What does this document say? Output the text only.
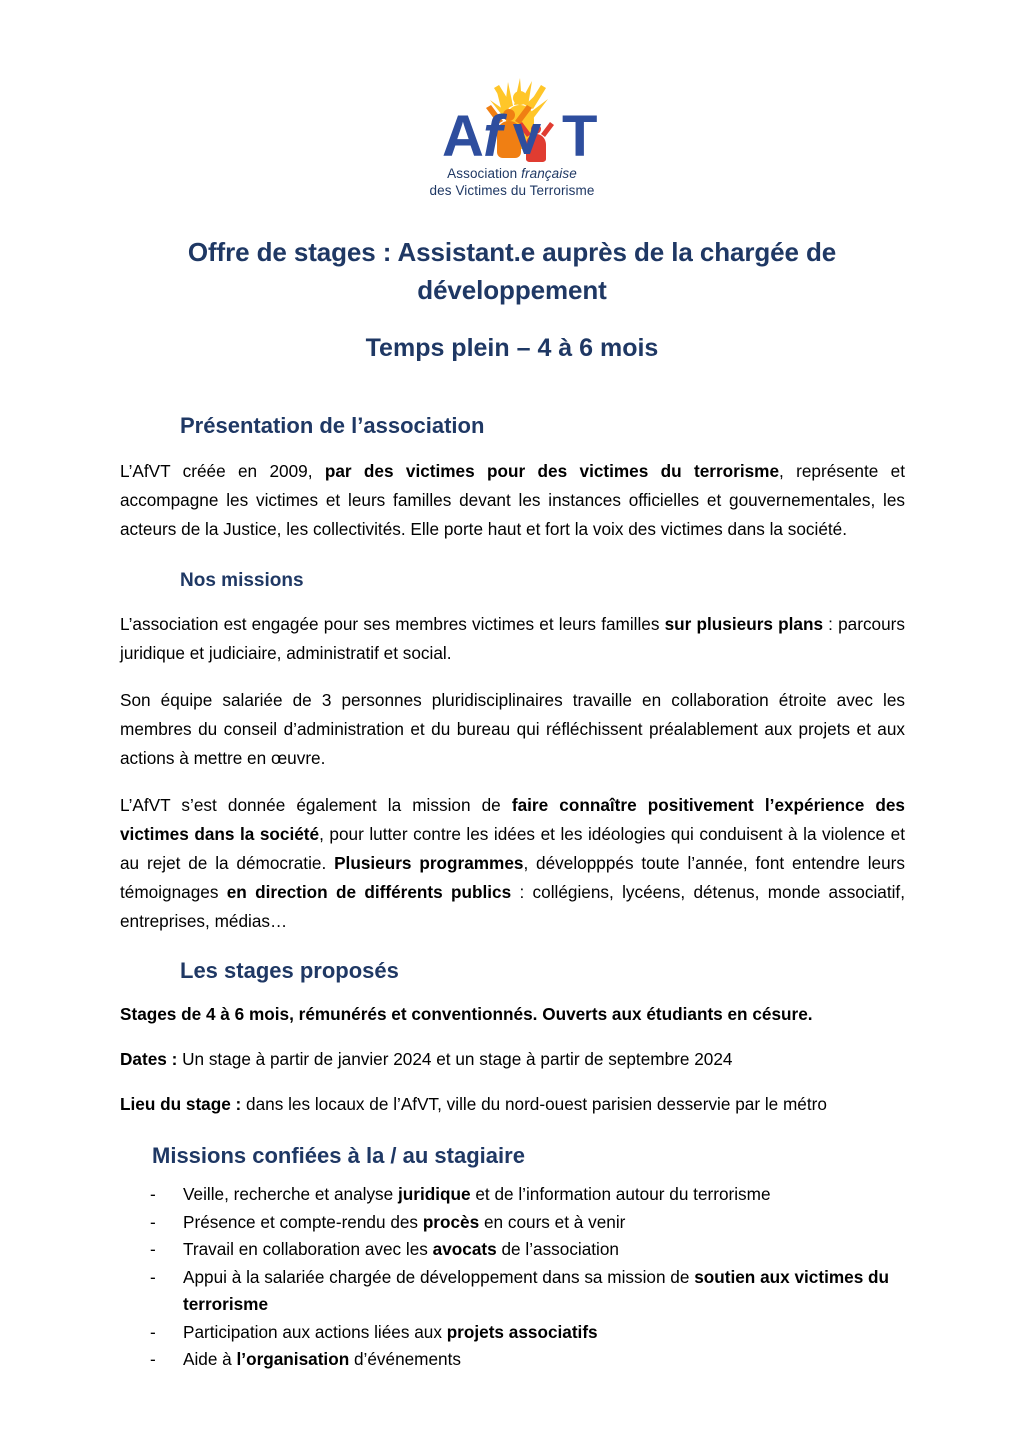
A f T
Association française
des Victimes du Terrorisme
Offre de stages : Assistant.e auprès de la chargée de développement
Temps plein – 4 à 6 mois
Présentation de l’association

L’AfVT créée en 2009, par des victimes pour des victimes du terrorisme, représente et accompagne les victimes et leurs familles devant les instances officielles et gouvernementales, les acteurs de la Justice, les collectivités. Elle porte haut et fort la voix des victimes dans la société.

Nos missions

L’association est engagée pour ses membres victimes et leurs familles sur plusieurs plans : parcours juridique et judiciaire, administratif et social.

Son équipe salariée de 3 personnes pluridisciplinaires travaille en collaboration étroite avec les membres du conseil d’administration et du bureau qui réfléchissent préalablement aux projets et aux actions à mettre en œuvre.

L’AfVT s’est donnée également la mission de faire connaître positivement l’expérience des victimes dans la société, pour lutter contre les idées et les idéologies qui conduisent à la violence et au rejet de la démocratie. Plusieurs programmes, développpés toute l’année, font entendre leurs témoignages en direction de différents publics : collégiens, lycéens, détenus, monde associatif, entreprises, médias…

Les stages proposés

Stages de 4 à 6 mois, rémunérés et conventionnés. Ouverts aux étudiants en césure.

Dates : Un stage à partir de janvier 2024 et un stage à partir de septembre 2024

Lieu du stage : dans les locaux de l’AfVT, ville du nord-ouest parisien desservie par le métro

Missions confiées à la / au stagiaire
- Veille, recherche et analyse juridique et de l’information autour du terrorisme
- Présence et compte-rendu des procès en cours et à venir
- Travail en collaboration avec les avocats de l’association
- Appui à la salariée chargée de développement dans sa mission de soutien aux victimes du terrorisme
- Participation aux actions liées aux projets associatifs
- Aide à l’organisation d’événements
